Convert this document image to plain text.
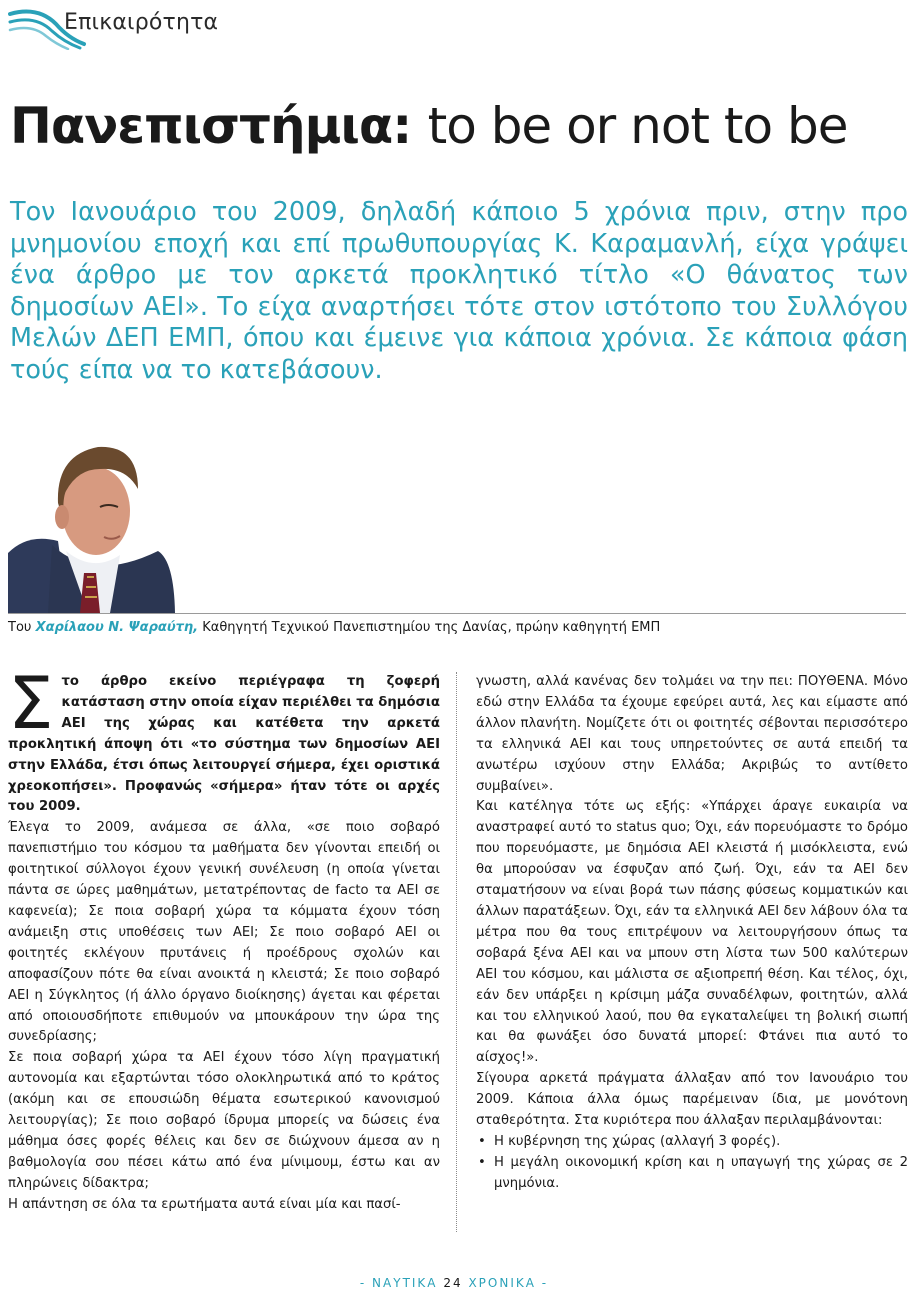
Επικαιρότητα
Πανεπιστήμια: to be or not to be

Τον Ιανουάριο του 2009, δηλαδή κάποιο 5 χρόνια πριν, στην προ μνημονίου εποχή και επί πρωθυπουργίας Κ. Καραμανλή, είχα γράψει ένα άρθρο με τον αρκετά προκλητικό τίτλο «Ο θάνατος των δημοσίων ΑΕΙ». Το είχα αναρτήσει τότε στον ιστότοπο του Συλλόγου Μελών ΔΕΠ ΕΜΠ, όπου και έμεινε για κάποια χρόνια. Σε κάποια φάση τούς είπα να το κατεβάσουν.

Του Χαρίλαου Ν. Ψαραύτη, Καθηγητή Τεχνικού Πανεπιστημίου της Δανίας, πρώην καθηγητή ΕΜΠ
Σ το άρθρο εκείνο περιέγραφα τη ζοφερή κατάσταση στην οποία είχαν περιέλθει τα δημόσια ΑΕΙ της χώρας και κατέθετα την αρκετά προκλητική άποψη ότι «το σύστημα των δημοσίων ΑΕΙ στην Ελλάδα, έτσι όπως λειτουργεί σήμερα, έχει οριστικά χρεοκοπήσει». Προφανώς «σήμερα» ήταν τότε οι αρχές του 2009.

Έλεγα το 2009, ανάμεσα σε άλλα, «σε ποιο σοβαρό πανεπιστήμιο του κόσμου τα μαθήματα δεν γίνονται επειδή οι φοιτητικοί σύλλογοι έχουν γενική συνέλευση (η οποία γίνεται πάντα σε ώρες μαθημάτων, μετατρέποντας de facto τα ΑΕΙ σε καφενεία); Σε ποια σοβαρή χώρα τα κόμματα έχουν τόση ανάμειξη στις υποθέσεις των ΑΕΙ; Σε ποιο σοβαρό ΑΕΙ οι φοιτητές εκλέγουν πρυτάνεις ή προέδρους σχολών και αποφασίζουν πότε θα είναι ανοικτά η κλειστά; Σε ποιο σοβαρό ΑΕΙ η Σύγκλητος (ή άλλο όργανο διοίκησης) άγεται και φέρεται από οποιουσδήποτε επιθυμούν να μπουκάρουν την ώρα της συνεδρίασης;

Σε ποια σοβαρή χώρα τα ΑΕΙ έχουν τόσο λίγη πραγματική αυτονομία και εξαρτώνται τόσο ολοκληρωτικά από το κράτος (ακόμη και σε επουσιώδη θέματα εσωτερικού κανονισμού λειτουργίας); Σε ποιο σοβαρό ίδρυμα μπορείς να δώσεις ένα μάθημα όσες φορές θέλεις και δεν σε διώχνουν άμεσα αν η βαθμολογία σου πέσει κάτω από ένα μίνιμουμ, έστω και αν πληρώνεις δίδακτρα;

Η απάντηση σε όλα τα ερωτήματα αυτά είναι μία και πασί-

γνωστη, αλλά κανένας δεν τολμάει να την πει: ΠΟΥΘΕΝΑ. Μόνο εδώ στην Ελλάδα τα έχουμε εφεύρει αυτά, λες και είμαστε από άλλον πλανήτη. Νομίζετε ότι οι φοιτητές σέβονται περισσότερο τα ελληνικά ΑΕΙ και τους υπηρετούντες σε αυτά επειδή τα ανωτέρω ισχύουν στην Ελλάδα; Ακριβώς το αντίθετο συμβαίνει».

Και κατέληγα τότε ως εξής: «Υπάρχει άραγε ευκαιρία να αναστραφεί αυτό το status quo; Όχι, εάν πορευόμαστε το δρόμο που πορευόμαστε, με δημόσια ΑΕΙ κλειστά ή μισόκλειστα, ενώ θα μπορούσαν να έσφυζαν από ζωή. Όχι, εάν τα ΑΕΙ δεν σταματήσουν να είναι βορά των πάσης φύσεως κομματικών και άλλων παρατάξεων. Όχι, εάν τα ελληνικά ΑΕΙ δεν λάβουν όλα τα μέτρα που θα τους επιτρέψουν να λειτουργήσουν όπως τα σοβαρά ξένα ΑΕΙ και να μπουν στη λίστα των 500 καλύτερων ΑΕΙ του κόσμου, και μάλιστα σε αξιοπρεπή θέση. Και τέλος, όχι, εάν δεν υπάρξει η κρίσιμη μάζα συναδέλφων, φοιτητών, αλλά και του ελληνικού λαού, που θα εγκαταλείψει τη βολική σιωπή και θα φωνάξει όσο δυνατά μπορεί: Φτάνει πια αυτό το αίσχος!».

Σίγουρα αρκετά πράγματα άλλαξαν από τον Ιανουάριο του 2009. Κάποια άλλα όμως παρέμειναν ίδια, με μονότονη σταθερότητα. Στα κυριότερα που άλλαξαν περιλαμβάνονται:

• Η κυβέρνηση της χώρας (αλλαγή 3 φορές).
• Η μεγάλη οικονομική κρίση και η υπαγωγή της χώρας σε 2 μνημόνια.
- ΝΑΥΤΙΚΑ 24 ΧΡΟΝΙΚΑ -
